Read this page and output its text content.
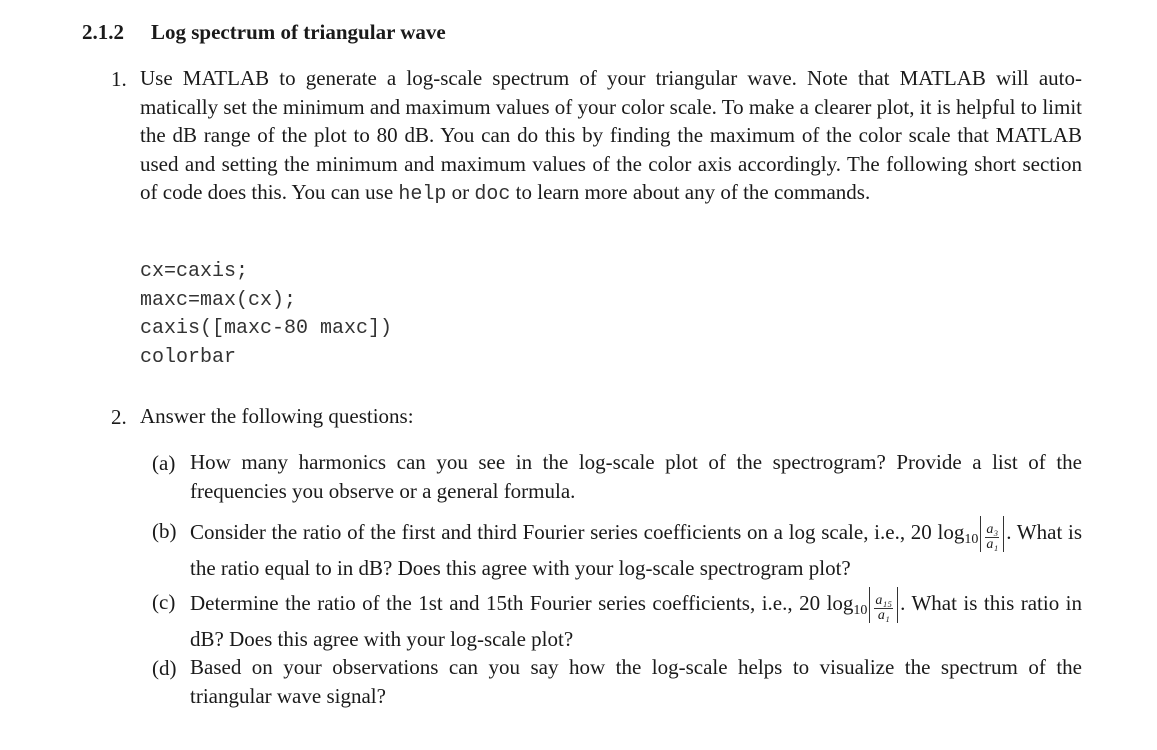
2.1.2 Log spectrum of triangular wave
1. Use MATLAB to generate a log-scale spectrum of your triangular wave. Note that MATLAB will auto-matically set the minimum and maximum values of your color scale. To make a clearer plot, it is helpful to limit the dB range of the plot to 80 dB. You can do this by finding the maximum of the color scale that MATLAB used and setting the minimum and maximum values of the color axis accordingly. The following short section of code does this. You can use help or doc to learn more about any of the commands.
cx=caxis;
maxc=max(cx);
caxis([maxc-80 maxc])
colorbar
2. Answer the following questions:
(a) How many harmonics can you see in the log-scale plot of the spectrogram? Provide a list of the frequencies you observe or a general formula.
(b) Consider the ratio of the first and third Fourier series coefficients on a log scale, i.e., 20 $\log_{10} \frac{\text{a₃}}{\text{a₁}}$ . What is the ratio equal to in dB? Does this agree with your log-scale spectrogram plot?
(c) Determine the ratio of the 1st and 15th Fourier series coefficients, i.e., 20 $\log_{10} \frac{\text{a₁₅}}{\text{a₁}}$ . What is this ratio in dB? Does this agree with your log-scale plot?
(d) Based on your observations can you say how the log-scale helps to visualize the spectrum of the triangular wave signal?
